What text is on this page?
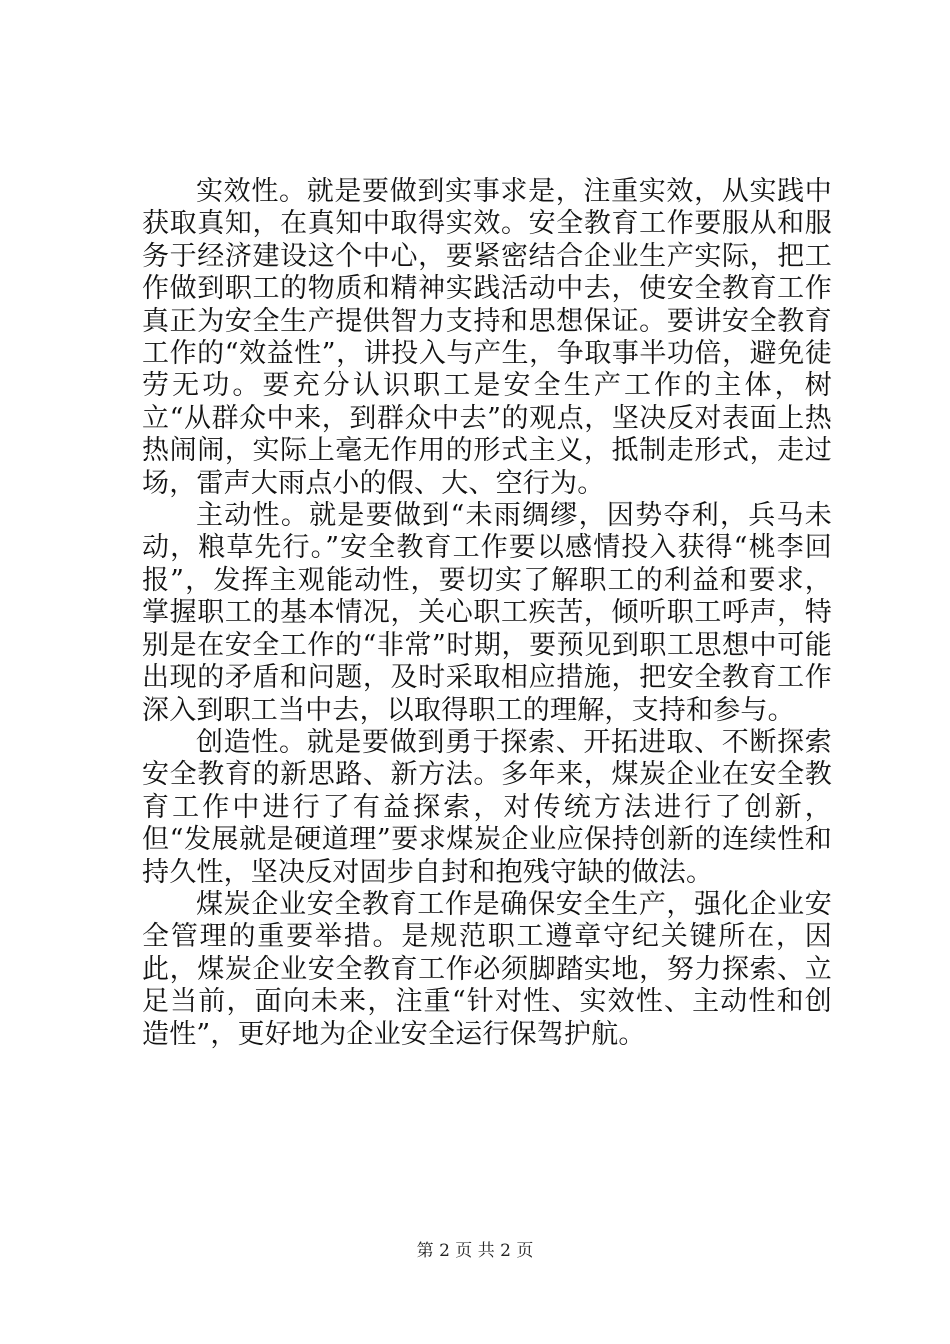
实效性。就是要做到实事求是，注重实效，从实践中获取真知，在真知中取得实效。安全教育工作要服从和服务于经济建设这个中心，要紧密结合企业生产实际，把工作做到职工的物质和精神实践活动中去，使安全教育工作真正为安全生产提供智力支持和思想保证。要讲安全教育工作的“效益性”，讲投入与产生，争取事半功倍，避免徒劳无功。要充分认识职工是安全生产工作的主体，树立“从群众中来，到群众中去”的观点，坚决反对表面上热热闹闹，实际上毫无作用的形式主义，抵制走形式，走过场，雷声大雨点小的假、大、空行为。

主动性。就是要做到“未雨绸缪，因势夺利，兵马未动，粮草先行。”安全教育工作要以感情投入获得“桃李回报”，发挥主观能动性，要切实了解职工的利益和要求，掌握职工的基本情况，关心职工疾苦，倾听职工呼声，特别是在安全工作的“非常”时期，要预见到职工思想中可能出现的矛盾和问题，及时采取相应措施，把安全教育工作深入到职工当中去，以取得职工的理解，支持和参与。

创造性。就是要做到勇于探索、开拓进取、不断探索安全教育的新思路、新方法。多年来，煤炭企业在安全教育工作中进行了有益探索，对传统方法进行了创新，但“发展就是硬道理”要求煤炭企业应保持创新的连续性和持久性，坚决反对固步自封和抱残守缺的做法。

煤炭企业安全教育工作是确保安全生产，强化企业安全管理的重要举措。是规范职工遵章守纪关键所在，因此，煤炭企业安全教育工作必须脚踏实地，努力探索、立足当前，面向未来，注重“针对性、实效性、主动性和创造性”，更好地为企业安全运行保驾护航。

第 2 页 共 2 页
